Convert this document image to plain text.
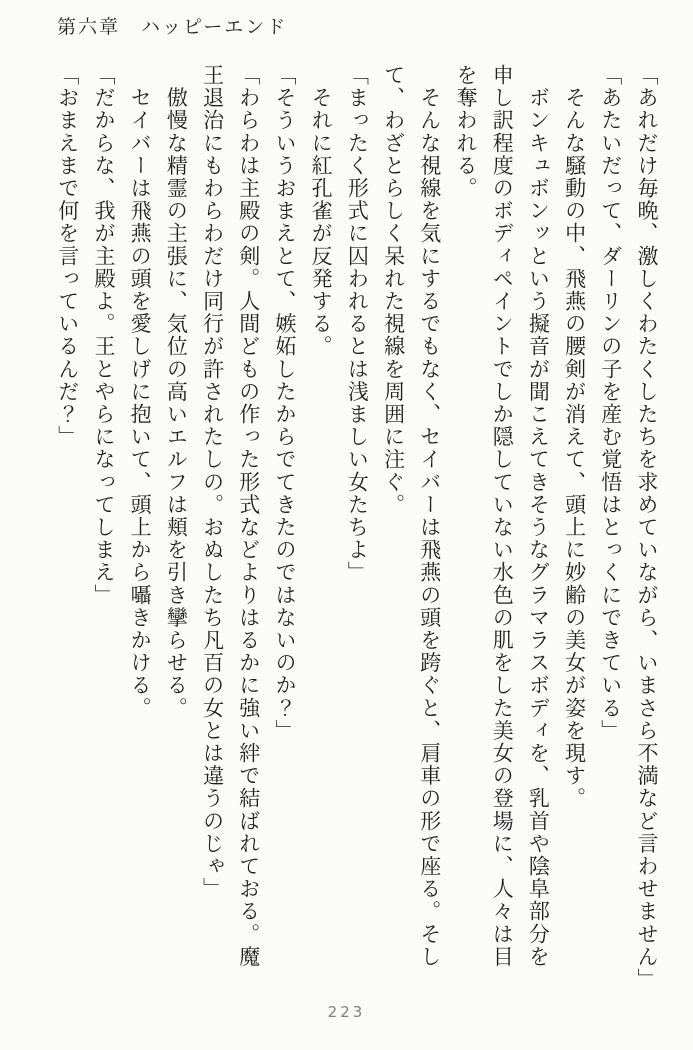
第六章　ハッピーエンド
「あれだけ毎晩、激しくわたくしたちを求めていながら、いまさら不満など言わせません」
「あたいだって、ダーリンの子を産む覚悟はとっくにできている」
　そんな騒動の中、飛燕の腰剣が消えて、頭上に妙齢の美女が姿を現す。
　ボンキュボンッという擬音が聞こえてきそうなグラマラスボディを、乳首や陰阜部分を
申し訳程度のボディペイントでしか隠していない水色の肌をした美女の登場に、人々は目
を奪われる。
　そんな視線を気にするでもなく、セイバーは飛燕の頭を跨ぐと、肩車の形で座る。そし
て、わざとらしく呆れた視線を周囲に注ぐ。
「まったく形式に囚われるとは浅ましい女たちよ」
　それに紅孔雀が反発する。
「そういうおまえとて、嫉妬したからでてきたのではないのか？」
「わらわは主殿の剣。人間どもの作った形式などよりはるかに強い絆で結ばれておる。魔
王退治にもわらわだけ同行が許されたしの。おぬしたち凡百の女とは違うのじゃ」
　傲慢な精霊の主張に、気位の高いエルフは頬を引き攣らせる。
　セイバーは飛燕の頭を愛しげに抱いて、頭上から囁きかける。
「だからな、我が主殿よ。王とやらになってしまえ」
「おまえまで何を言っているんだ？」
223
